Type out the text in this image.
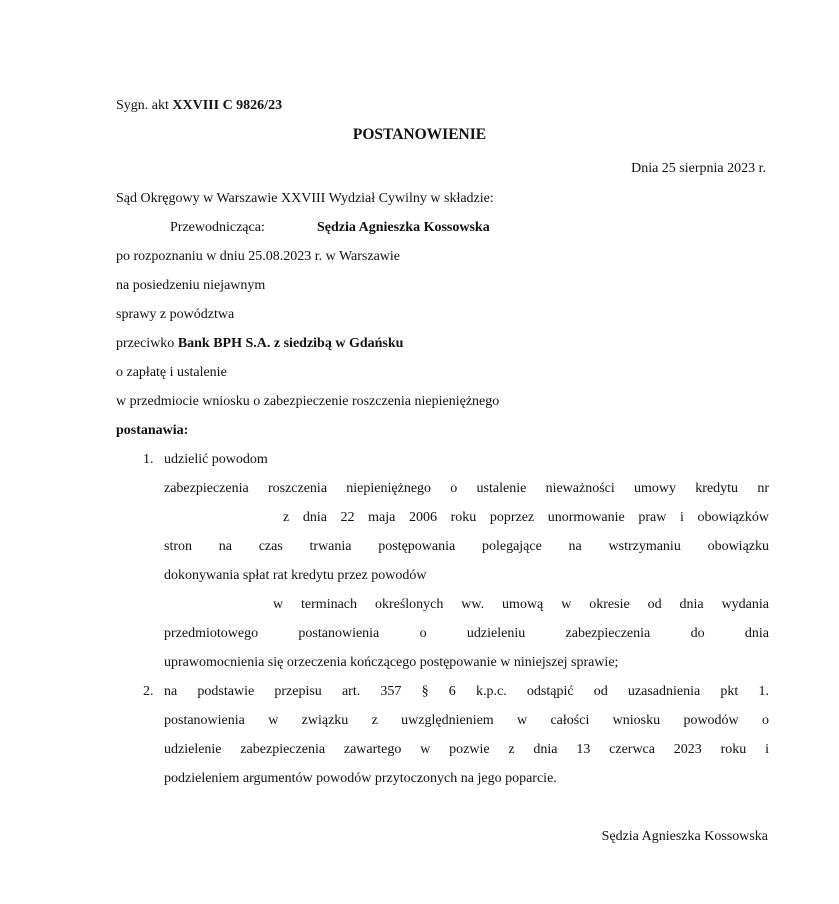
Sygn. akt XXVIII C 9826/23
POSTANOWIENIE
Dnia 25 sierpnia 2023 r.
Sąd Okręgowy w Warszawie XXVIII Wydział Cywilny w składzie:
Przewodnicząca:	Sędzia Agnieszka Kossowska
po rozpoznaniu w dniu 25.08.2023 r. w Warszawie
na posiedzeniu niejawnym
sprawy z powództwa
przeciwko Bank BPH S.A. z siedzibą w Gdańsku
o zapłatę i ustalenie
w przedmiocie wniosku o zabezpieczenie roszczenia niepieniężnego
postanawia:
1. udzielić powodom
zabezpieczenia roszczenia niepieniężnego o ustalenie nieważności umowy kredytu nr
z dnia 22 maja 2006 roku poprzez unormowanie praw i obowiązków
stron na czas trwania postępowania polegające na wstrzymaniu obowiązku
dokonywania spłat rat kredytu przez powodów
w terminach określonych ww. umową w okresie od dnia wydania
przedmiotowego postanowienia o udzieleniu zabezpieczenia do dnia
uprawomocnienia się orzeczenia kończącego postępowanie w niniejszej sprawie;
2. na podstawie przepisu art. 357 § 6 k.p.c. odstąpić od uzasadnienia pkt 1.
postanowienia w związku z uwzględnieniem w całości wniosku powodów o
udzielenie zabezpieczenia zawartego w pozwie z dnia 13 czerwca 2023 roku i
podzieleniem argumentów powodów przytoczonych na jego poparcie.
Sędzia Agnieszka Kossowska
